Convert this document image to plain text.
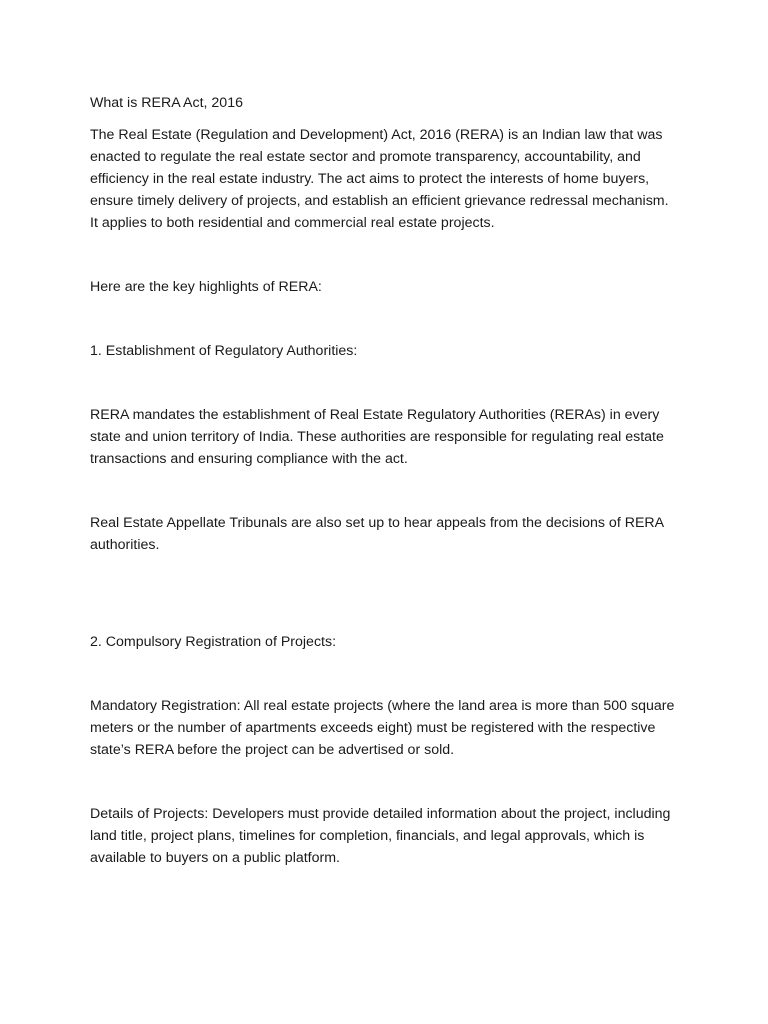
What is RERA Act, 2016

The Real Estate (Regulation and Development) Act, 2016 (RERA) is an Indian law that was enacted to regulate the real estate sector and promote transparency, accountability, and efficiency in the real estate industry. The act aims to protect the interests of home buyers, ensure timely delivery of projects, and establish an efficient grievance redressal mechanism. It applies to both residential and commercial real estate projects.

Here are the key highlights of RERA:

1. Establishment of Regulatory Authorities:

RERA mandates the establishment of Real Estate Regulatory Authorities (RERAs) in every state and union territory of India. These authorities are responsible for regulating real estate transactions and ensuring compliance with the act.

Real Estate Appellate Tribunals are also set up to hear appeals from the decisions of RERA authorities.

2. Compulsory Registration of Projects:

Mandatory Registration: All real estate projects (where the land area is more than 500 square meters or the number of apartments exceeds eight) must be registered with the respective state’s RERA before the project can be advertised or sold.

Details of Projects: Developers must provide detailed information about the project, including land title, project plans, timelines for completion, financials, and legal approvals, which is available to buyers on a public platform.
